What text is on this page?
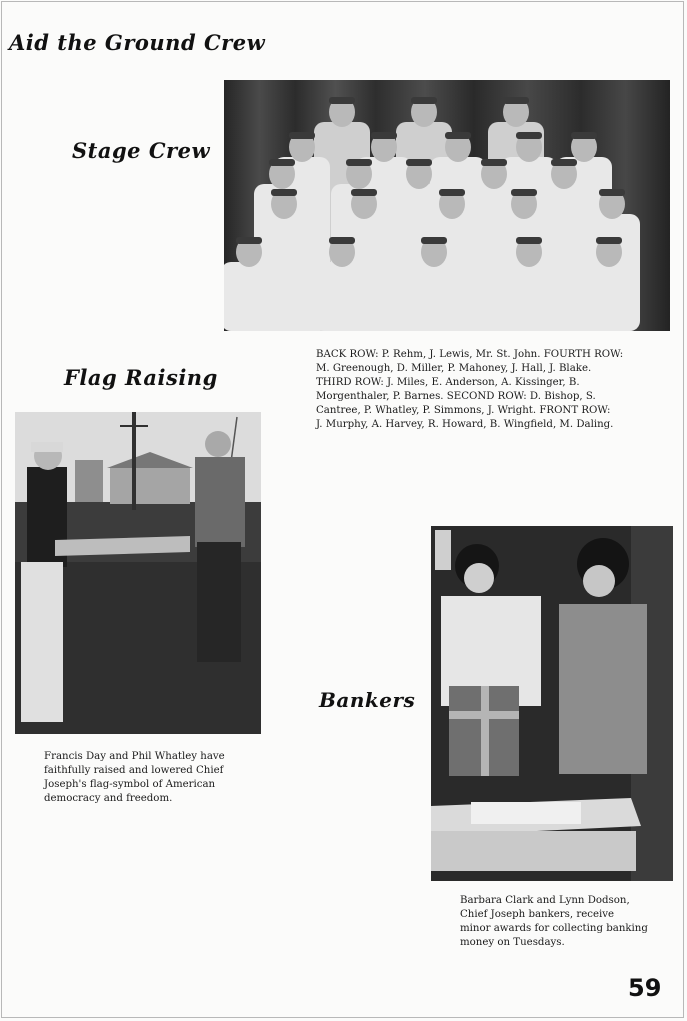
Aid the Ground Crew
Stage Crew

BACK ROW: P. Rehm, J. Lewis, Mr. St. John. FOURTH ROW:
M. Greenough, D. Miller, P. Mahoney, J. Hall, J. Blake.
THIRD ROW: J. Miles, E. Anderson, A. Kissinger, B.
Morgenthaler, P. Barnes. SECOND ROW: D. Bishop, S.
Cantree, P. Whatley, P. Simmons, J. Wright. FRONT ROW:
J. Murphy, A. Harvey, R. Howard, B. Wingfield, M. Daling.

Flag Raising

Francis Day and Phil Whatley have
faithfully raised and lowered Chief
Joseph's flag-symbol of American
democracy and freedom.

Bankers

Barbara Clark and Lynn Dodson,
Chief Joseph bankers, receive
minor awards for collecting banking
money on Tuesdays.

59
